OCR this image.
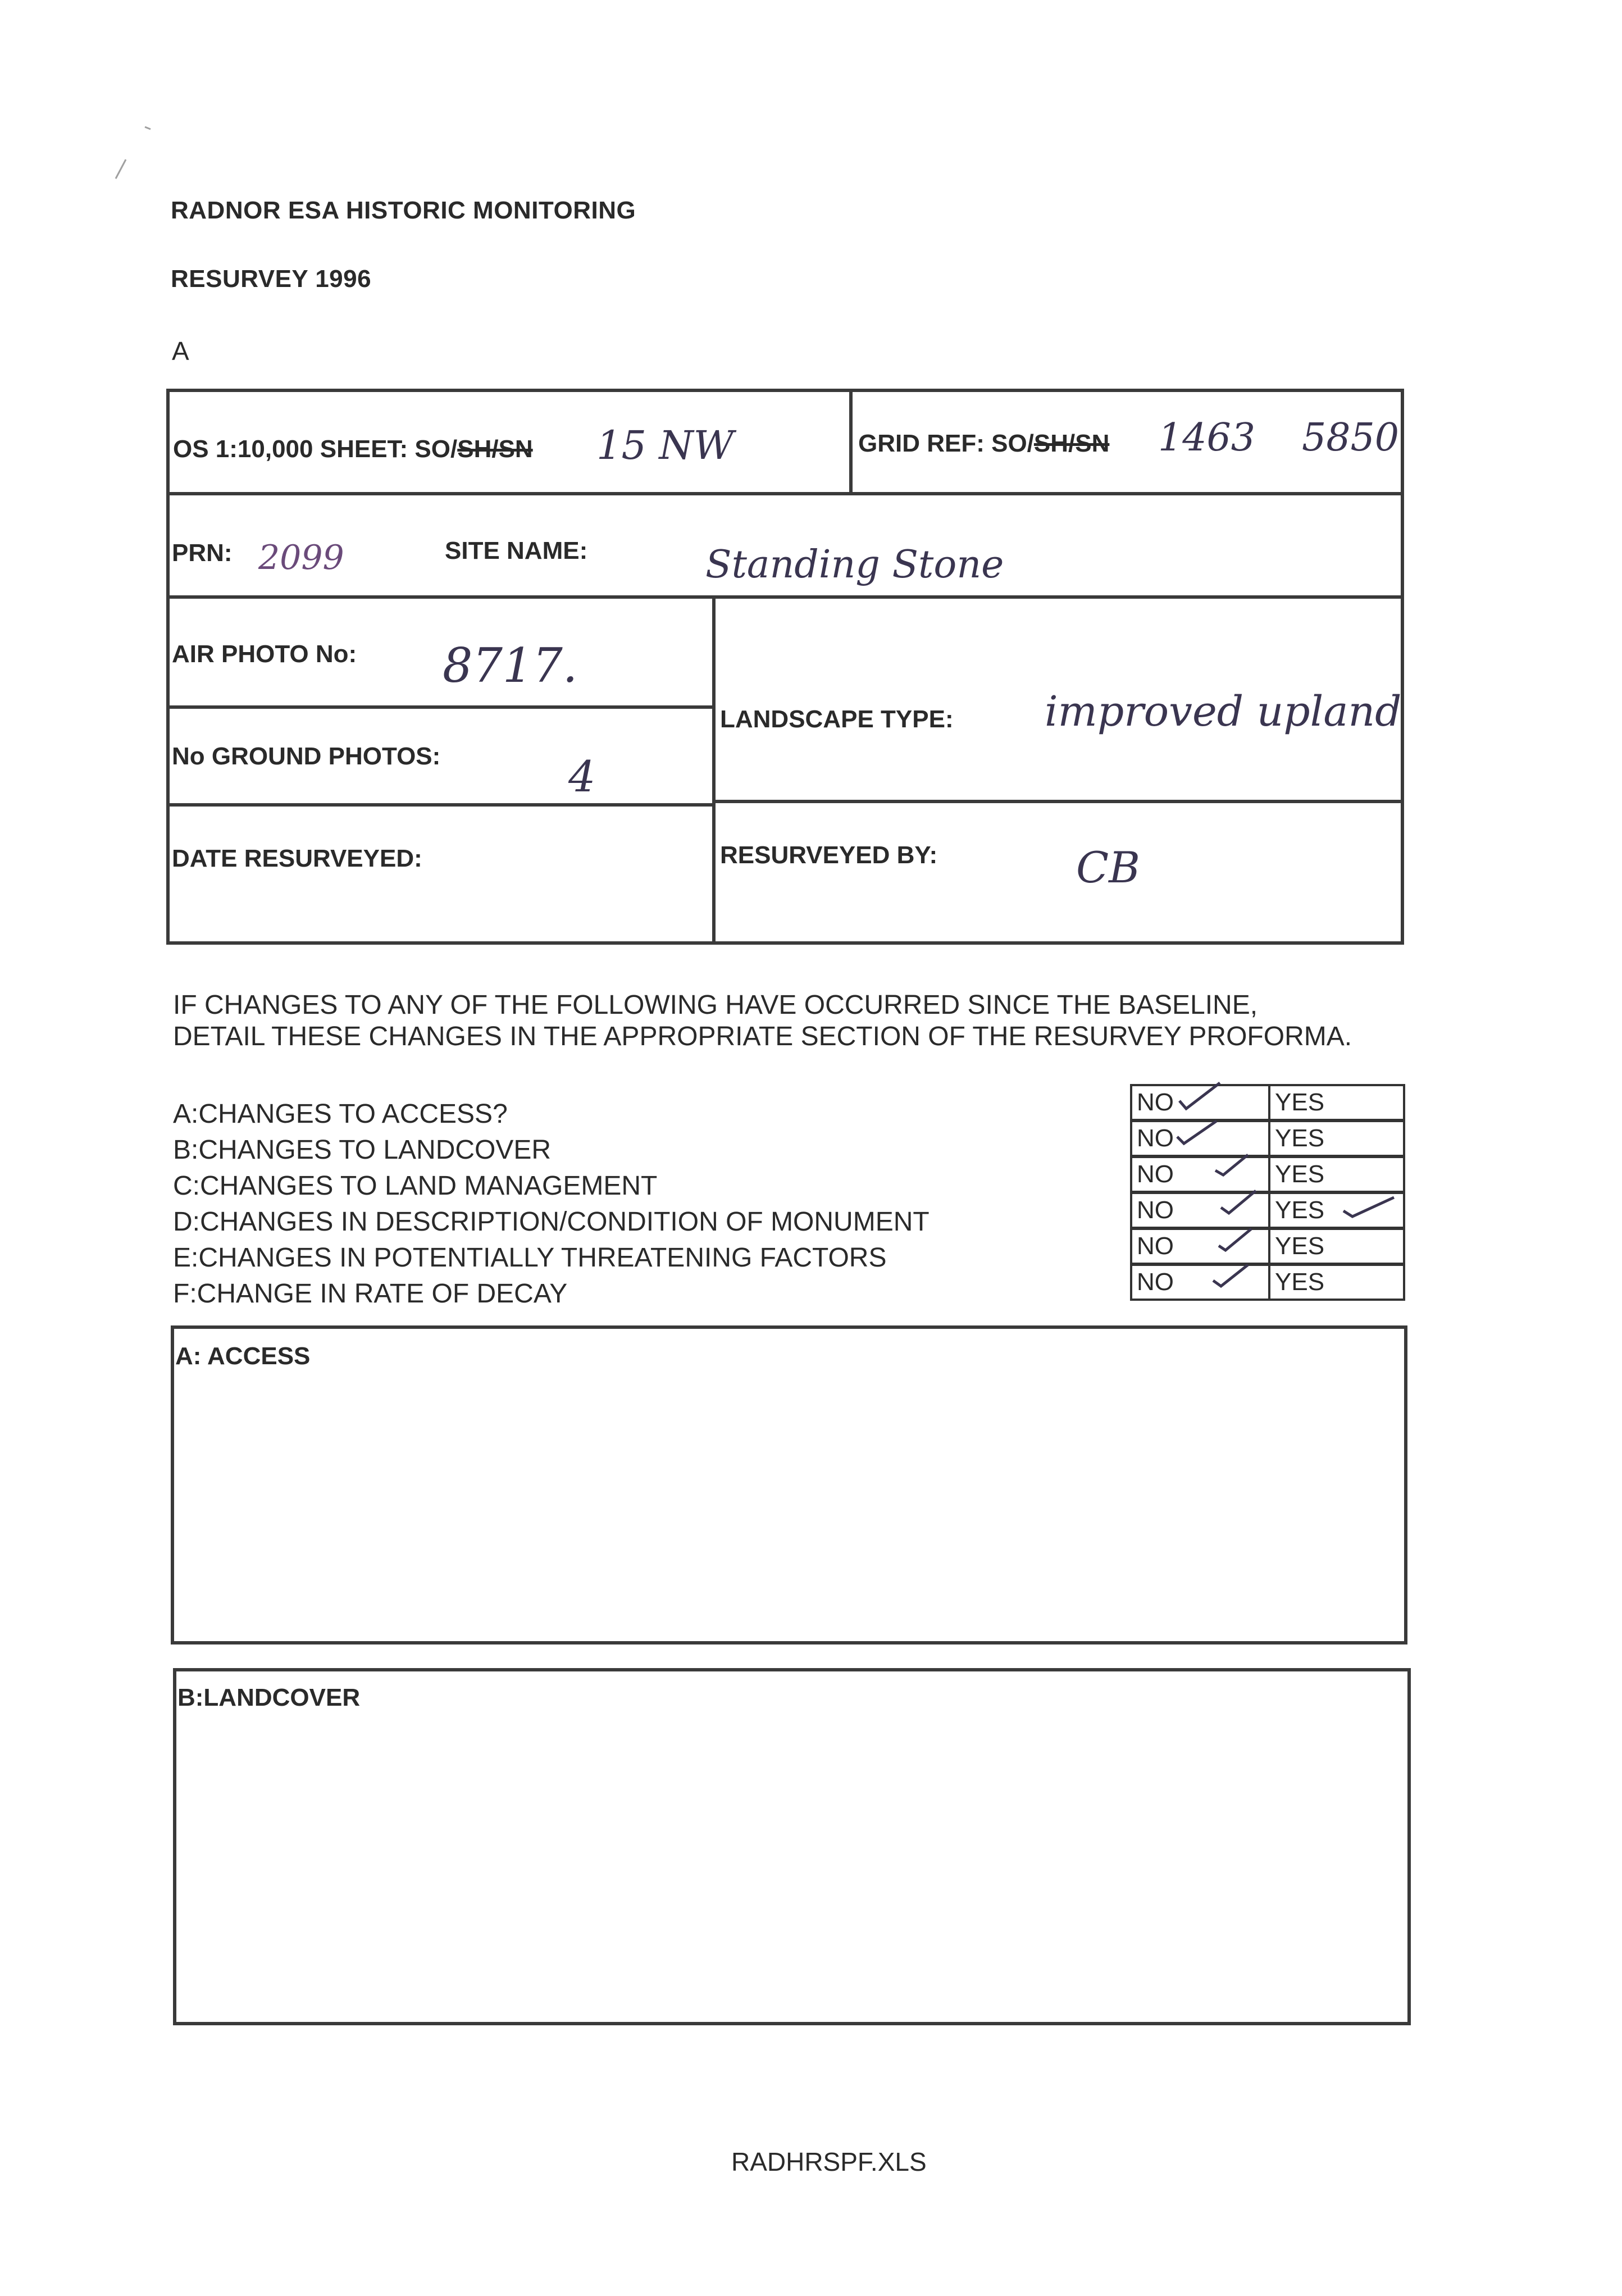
RADNOR ESA HISTORIC MONITORING
RESURVEY 1996
A
OS 1:10,000 SHEET: SO/SH/SN 15 NW	GRID REF: SO/SH/SN 1463 5850
PRN: 2099	SITE NAME:	Standing Stone
AIR PHOTO No: 8717.
No GROUND PHOTOS:	4
LANDSCAPE TYPE: improved upland
DATE RESURVEYED:	RESURVEYED BY:	CB
IF CHANGES TO ANY OF THE FOLLOWING HAVE OCCURRED SINCE THE BASELINE,
DETAIL THESE CHANGES IN THE APPROPRIATE SECTION OF THE RESURVEY PROFORMA.
A:CHANGES TO ACCESS?
B:CHANGES TO LANDCOVER
C:CHANGES TO LAND MANAGEMENT
D:CHANGES IN DESCRIPTION/CONDITION OF MONUMENT
E:CHANGES IN POTENTIALLY THREATENING FACTORS
F:CHANGE IN RATE OF DECAY
NO	YES
NO	YES
NO	YES
NO	YES
NO	YES
NO	YES
A: ACCESS
B:LANDCOVER
RADHRSPF.XLS
